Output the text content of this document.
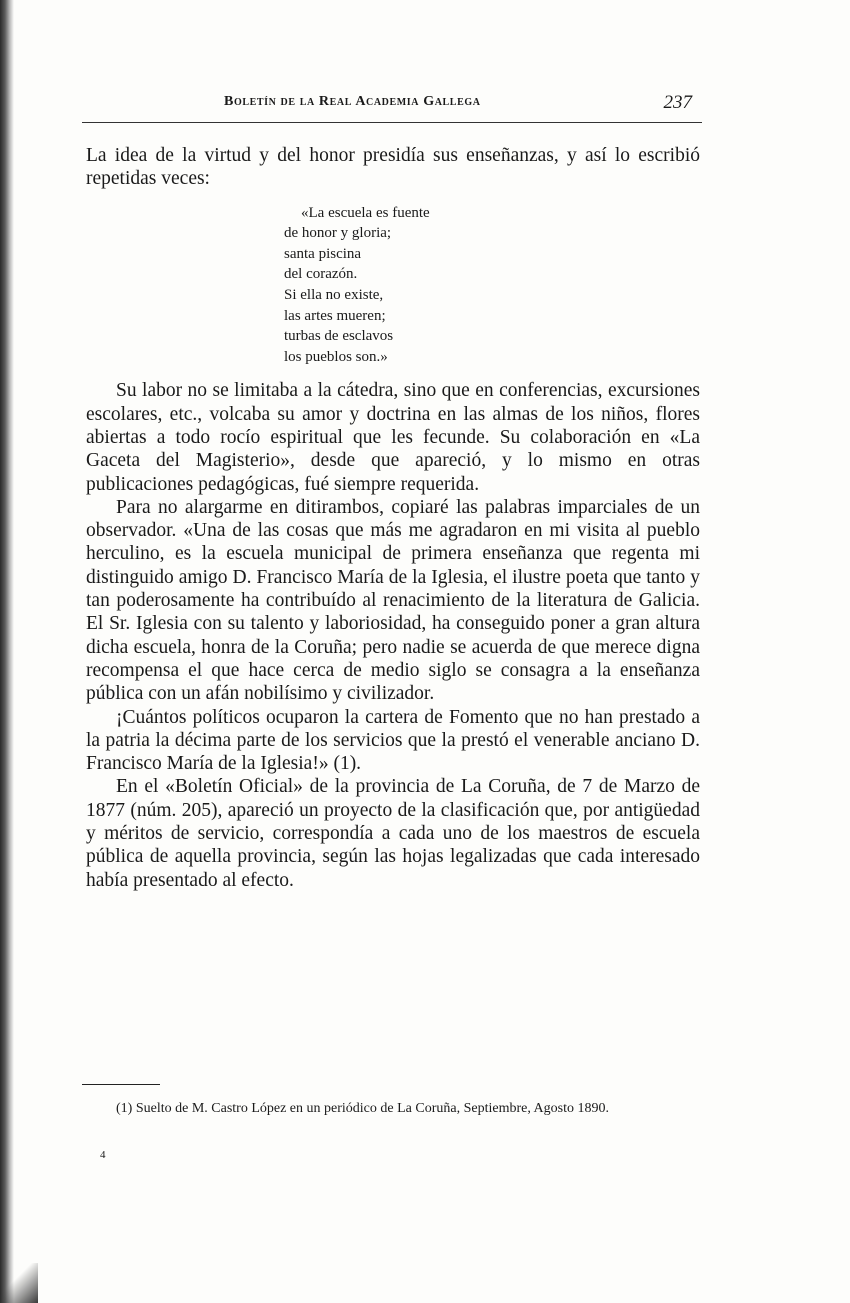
Boletín de la Real Academia Gallega	237

La idea de la virtud y del honor presidía sus enseñanzas, y así lo escribió repetidas veces:

«La escuela es fuente
de honor y gloria;
santa piscina
del corazón.
Si ella no existe,
las artes mueren;
turbas de esclavos
los pueblos son.»

Su labor no se limitaba a la cátedra, sino que en conferencias, excursiones escolares, etc., volcaba su amor y doctrina en las almas de los niños, flores abiertas a todo rocío espiritual que les fecunde. Su colaboración en «La Gaceta del Magisterio», desde que apareció, y lo mismo en otras publicaciones pedagógicas, fué siempre requerida.

Para no alargarme en ditirambos, copiaré las palabras imparciales de un observador. «Una de las cosas que más me agradaron en mi visita al pueblo herculino, es la escuela municipal de primera enseñanza que regenta mi distinguido amigo D. Francisco María de la Iglesia, el ilustre poeta que tanto y tan poderosamente ha contribuído al renacimiento de la literatura de Galicia. El Sr. Iglesia con su talento y laboriosidad, ha conseguido poner a gran altura dicha escuela, honra de la Coruña; pero nadie se acuerda de que merece digna recompensa el que hace cerca de medio siglo se consagra a la enseñanza pública con un afán nobilísimo y civilizador.

¡Cuántos políticos ocuparon la cartera de Fomento que no han prestado a la patria la décima parte de los servicios que la prestó el venerable anciano D. Francisco María de la Iglesia!» (1).

En el «Boletín Oficial» de la provincia de La Coruña, de 7 de Marzo de 1877 (núm. 205), apareció un proyecto de la clasificación que, por antigüedad y méritos de servicio, correspondía a cada uno de los maestros de escuela pública de aquella provincia, según las hojas legalizadas que cada interesado había presentado al efecto.

(1) Suelto de M. Castro López en un periódico de La Coruña, Septiembre, Agosto 1890.
4
